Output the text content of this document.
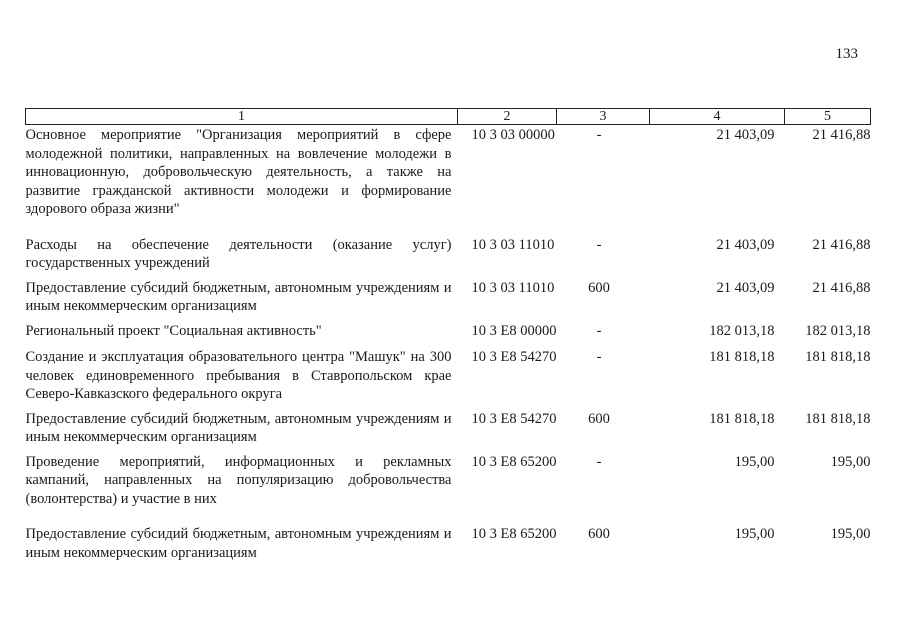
133
1	2	3	4	5
Основное мероприятие "Организация мероприятий в сфере молодежной политики, направленных на вовлечение молодежи в инновационную, добровольческую деятельность, а также на развитие гражданской активности молодежи и формирование здорового образа жизни"	10 3 03 00000	-	21 403,09	21 416,88
Расходы на обеспечение деятельности (оказание услуг) государственных учреждений	10 3 03 11010	-	21 403,09	21 416,88
Предоставление субсидий бюджетным, автономным учреждениям и иным некоммерческим организациям	10 3 03 11010	600	21 403,09	21 416,88
Региональный проект "Социальная активность"	10 3 E8 00000	-	182 013,18	182 013,18
Создание и эксплуатация образовательного центра "Машук" на 300 человек единовременного пребывания в Ставропольском крае Северо-Кавказского федерального округа	10 3 E8 54270	-	181 818,18	181 818,18
Предоставление субсидий бюджетным, автономным учреждениям и иным некоммерческим организациям	10 3 E8 54270	600	181 818,18	181 818,18
Проведение мероприятий, информационных и рекламных кампаний, направленных на популяризацию добровольчества (волонтерства) и участие в них	10 3 E8 65200	-	195,00	195,00
Предоставление субсидий бюджетным, автономным учреждениям и иным некоммерческим организациям	10 3 E8 65200	600	195,00	195,00
